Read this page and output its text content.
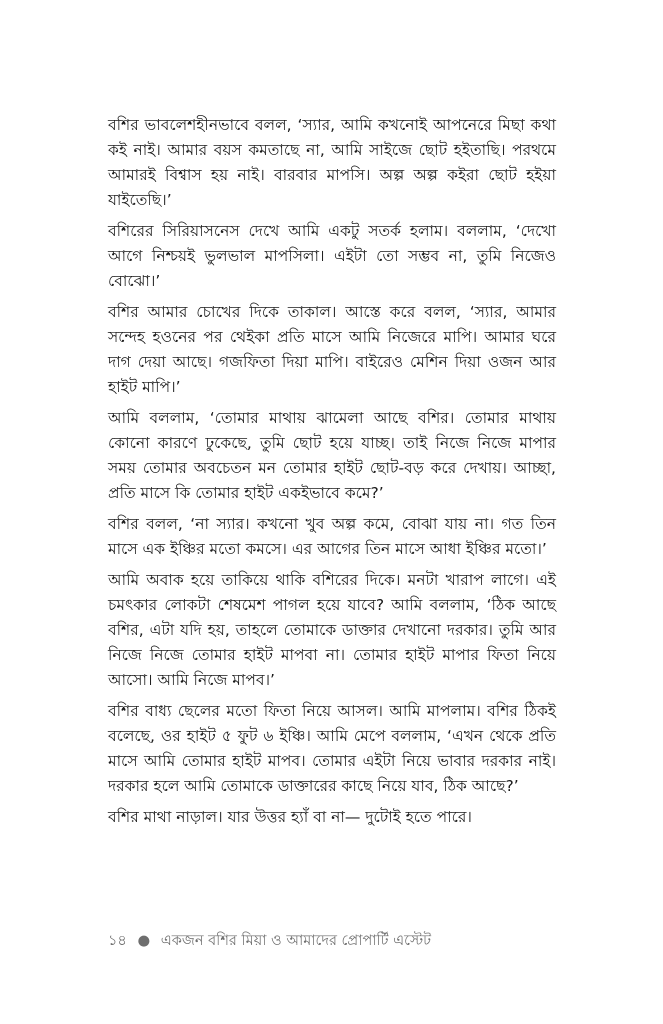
বশির ভাবলেশহীনভাবে বলল, ‘স্যার, আমি কখনোই আপনেরে মিছা কথা কই নাই। আমার বয়স কমতাছে না, আমি সাইজে ছোট হইতাছি। পরথমে আমারই বিশ্বাস হয় নাই। বারবার মাপসি। অল্প অল্প কইরা ছোট হইয়া যাইতেছি।’

বশিরের সিরিয়াসনেস দেখে আমি একটু সতর্ক হলাম। বললাম, ‘দেখো আগে নিশ্চয়ই ভুলভাল মাপসিলা। এইটা তো সম্ভব না, তুমি নিজেও বোঝো।’

বশির আমার চোখের দিকে তাকাল। আস্তে করে বলল, ‘স্যার, আমার সন্দেহ হওনের পর থেইকা প্রতি মাসে আমি নিজেরে মাপি। আমার ঘরে দাগ দেয়া আছে। গজফিতা দিয়া মাপি। বাইরেও মেশিন দিয়া ওজন আর হাইট মাপি।’

আমি বললাম, ‘তোমার মাথায় ঝামেলা আছে বশির। তোমার মাথায় কোনো কারণে ঢুকেছে, তুমি ছোট হয়ে যাচ্ছ। তাই নিজে নিজে মাপার সময় তোমার অবচেতন মন তোমার হাইট ছোট-বড় করে দেখায়। আচ্ছা, প্রতি মাসে কি তোমার হাইট একইভাবে কমে?’

বশির বলল, ‘না স্যার। কখনো খুব অল্প কমে, বোঝা যায় না। গত তিন মাসে এক ইঞ্চির মতো কমসে। এর আগের তিন মাসে আধা ইঞ্চির মতো।’

আমি অবাক হয়ে তাকিয়ে থাকি বশিরের দিকে। মনটা খারাপ লাগে। এই চমৎকার লোকটা শেষমেশ পাগল হয়ে যাবে? আমি বললাম, ‘ঠিক আছে বশির, এটা যদি হয়, তাহলে তোমাকে ডাক্তার দেখানো দরকার। তুমি আর নিজে নিজে তোমার হাইট মাপবা না। তোমার হাইট মাপার ফিতা নিয়ে আসো। আমি নিজে মাপব।’

বশির বাধ্য ছেলের মতো ফিতা নিয়ে আসল। আমি মাপলাম। বশির ঠিকই বলেছে, ওর হাইট ৫ ফুট ৬ ইঞ্চি। আমি মেপে বললাম, ‘এখন থেকে প্রতি মাসে আমি তোমার হাইট মাপব। তোমার এইটা নিয়ে ভাবার দরকার নাই। দরকার হলে আমি তোমাকে ডাক্তারের কাছে নিয়ে যাব, ঠিক আছে?’

বশির মাথা নাড়াল। যার উত্তর হ্যাঁ বা না— দুটোই হতে পারে।

১৪ ● একজন বশির মিয়া ও আমাদের প্রোপার্টি এস্টেট
